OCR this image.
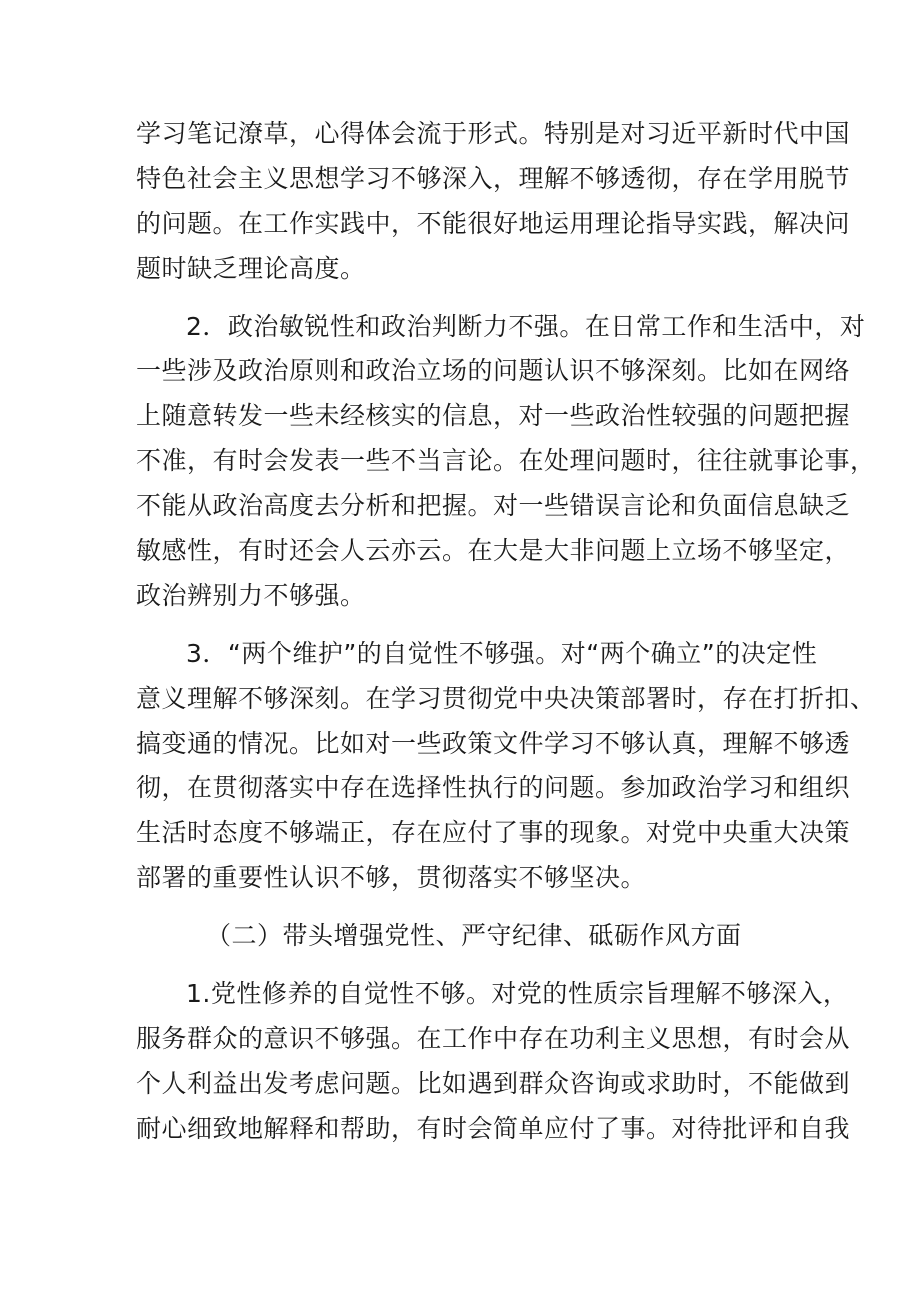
学习笔记潦草，心得体会流于形式。特别是对习近平新时代中国
特色社会主义思想学习不够深入，理解不够透彻，存在学用脱节
的问题。在工作实践中，不能很好地运用理论指导实践，解决问
题时缺乏理论高度。
2．政治敏锐性和政治判断力不强。在日常工作和生活中，对
一些涉及政治原则和政治立场的问题认识不够深刻。比如在网络
上随意转发一些未经核实的信息，对一些政治性较强的问题把握
不准，有时会发表一些不当言论。在处理问题时，往往就事论事，
不能从政治高度去分析和把握。对一些错误言论和负面信息缺乏
敏感性，有时还会人云亦云。在大是大非问题上立场不够坚定，
政治辨别力不够强。
3．“两个维护”的自觉性不够强。对“两个确立”的决定性
意义理解不够深刻。在学习贯彻党中央决策部署时，存在打折扣、
搞变通的情况。比如对一些政策文件学习不够认真，理解不够透
彻，在贯彻落实中存在选择性执行的问题。参加政治学习和组织
生活时态度不够端正，存在应付了事的现象。对党中央重大决策
部署的重要性认识不够，贯彻落实不够坚决。
（二）带头增强党性、严守纪律、砥砺作风方面
1.党性修养的自觉性不够。对党的性质宗旨理解不够深入，
服务群众的意识不够强。在工作中存在功利主义思想，有时会从
个人利益出发考虑问题。比如遇到群众咨询或求助时，不能做到
耐心细致地解释和帮助，有时会简单应付了事。对待批评和自我
